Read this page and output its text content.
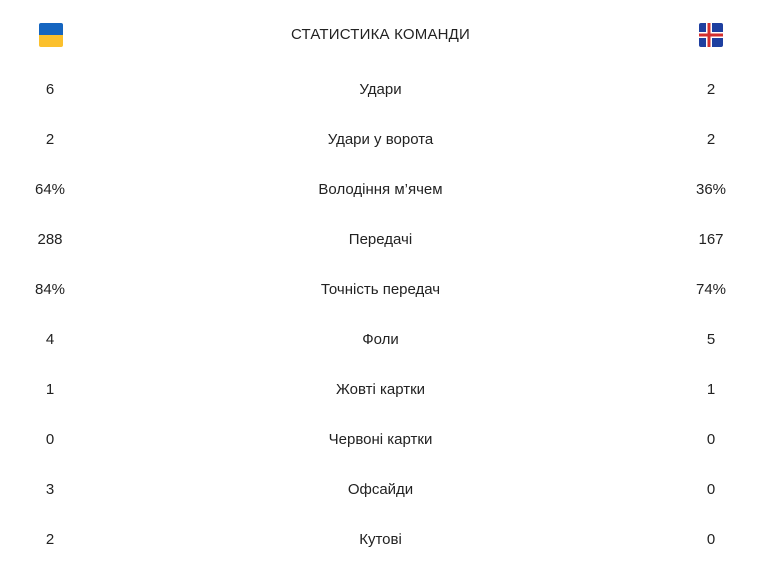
СТАТИСТИКА КОМАНДИ
6	Удари	2
2	Удари у ворота	2
64%	Володіння м’ячем	36%
288	Передачі	167
84%	Точність передач	74%
4	Фоли	5
1	Жовті картки	1
0	Червоні картки	0
3	Офсайди	0
2	Кутові	0
